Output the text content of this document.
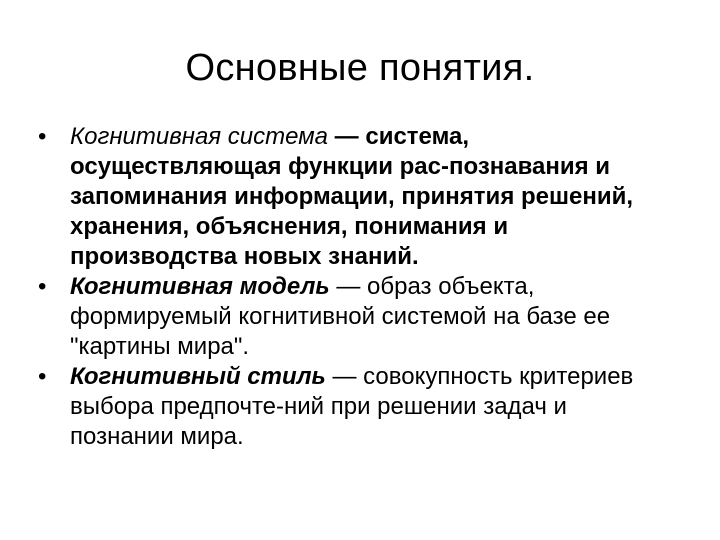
Основные понятия.
• Когнитивная система — система, осуществляющая функции рас-познавания и запоминания информации, принятия решений, хранения, объяснения, понимания и производства новых знаний.
• Когнитивная модель — образ объекта, формируемый когнитивной системой на базе ее "картины мира".
• Когнитивный стиль — совокупность критериев выбора предпочте-ний при решении задач и познании мира.
